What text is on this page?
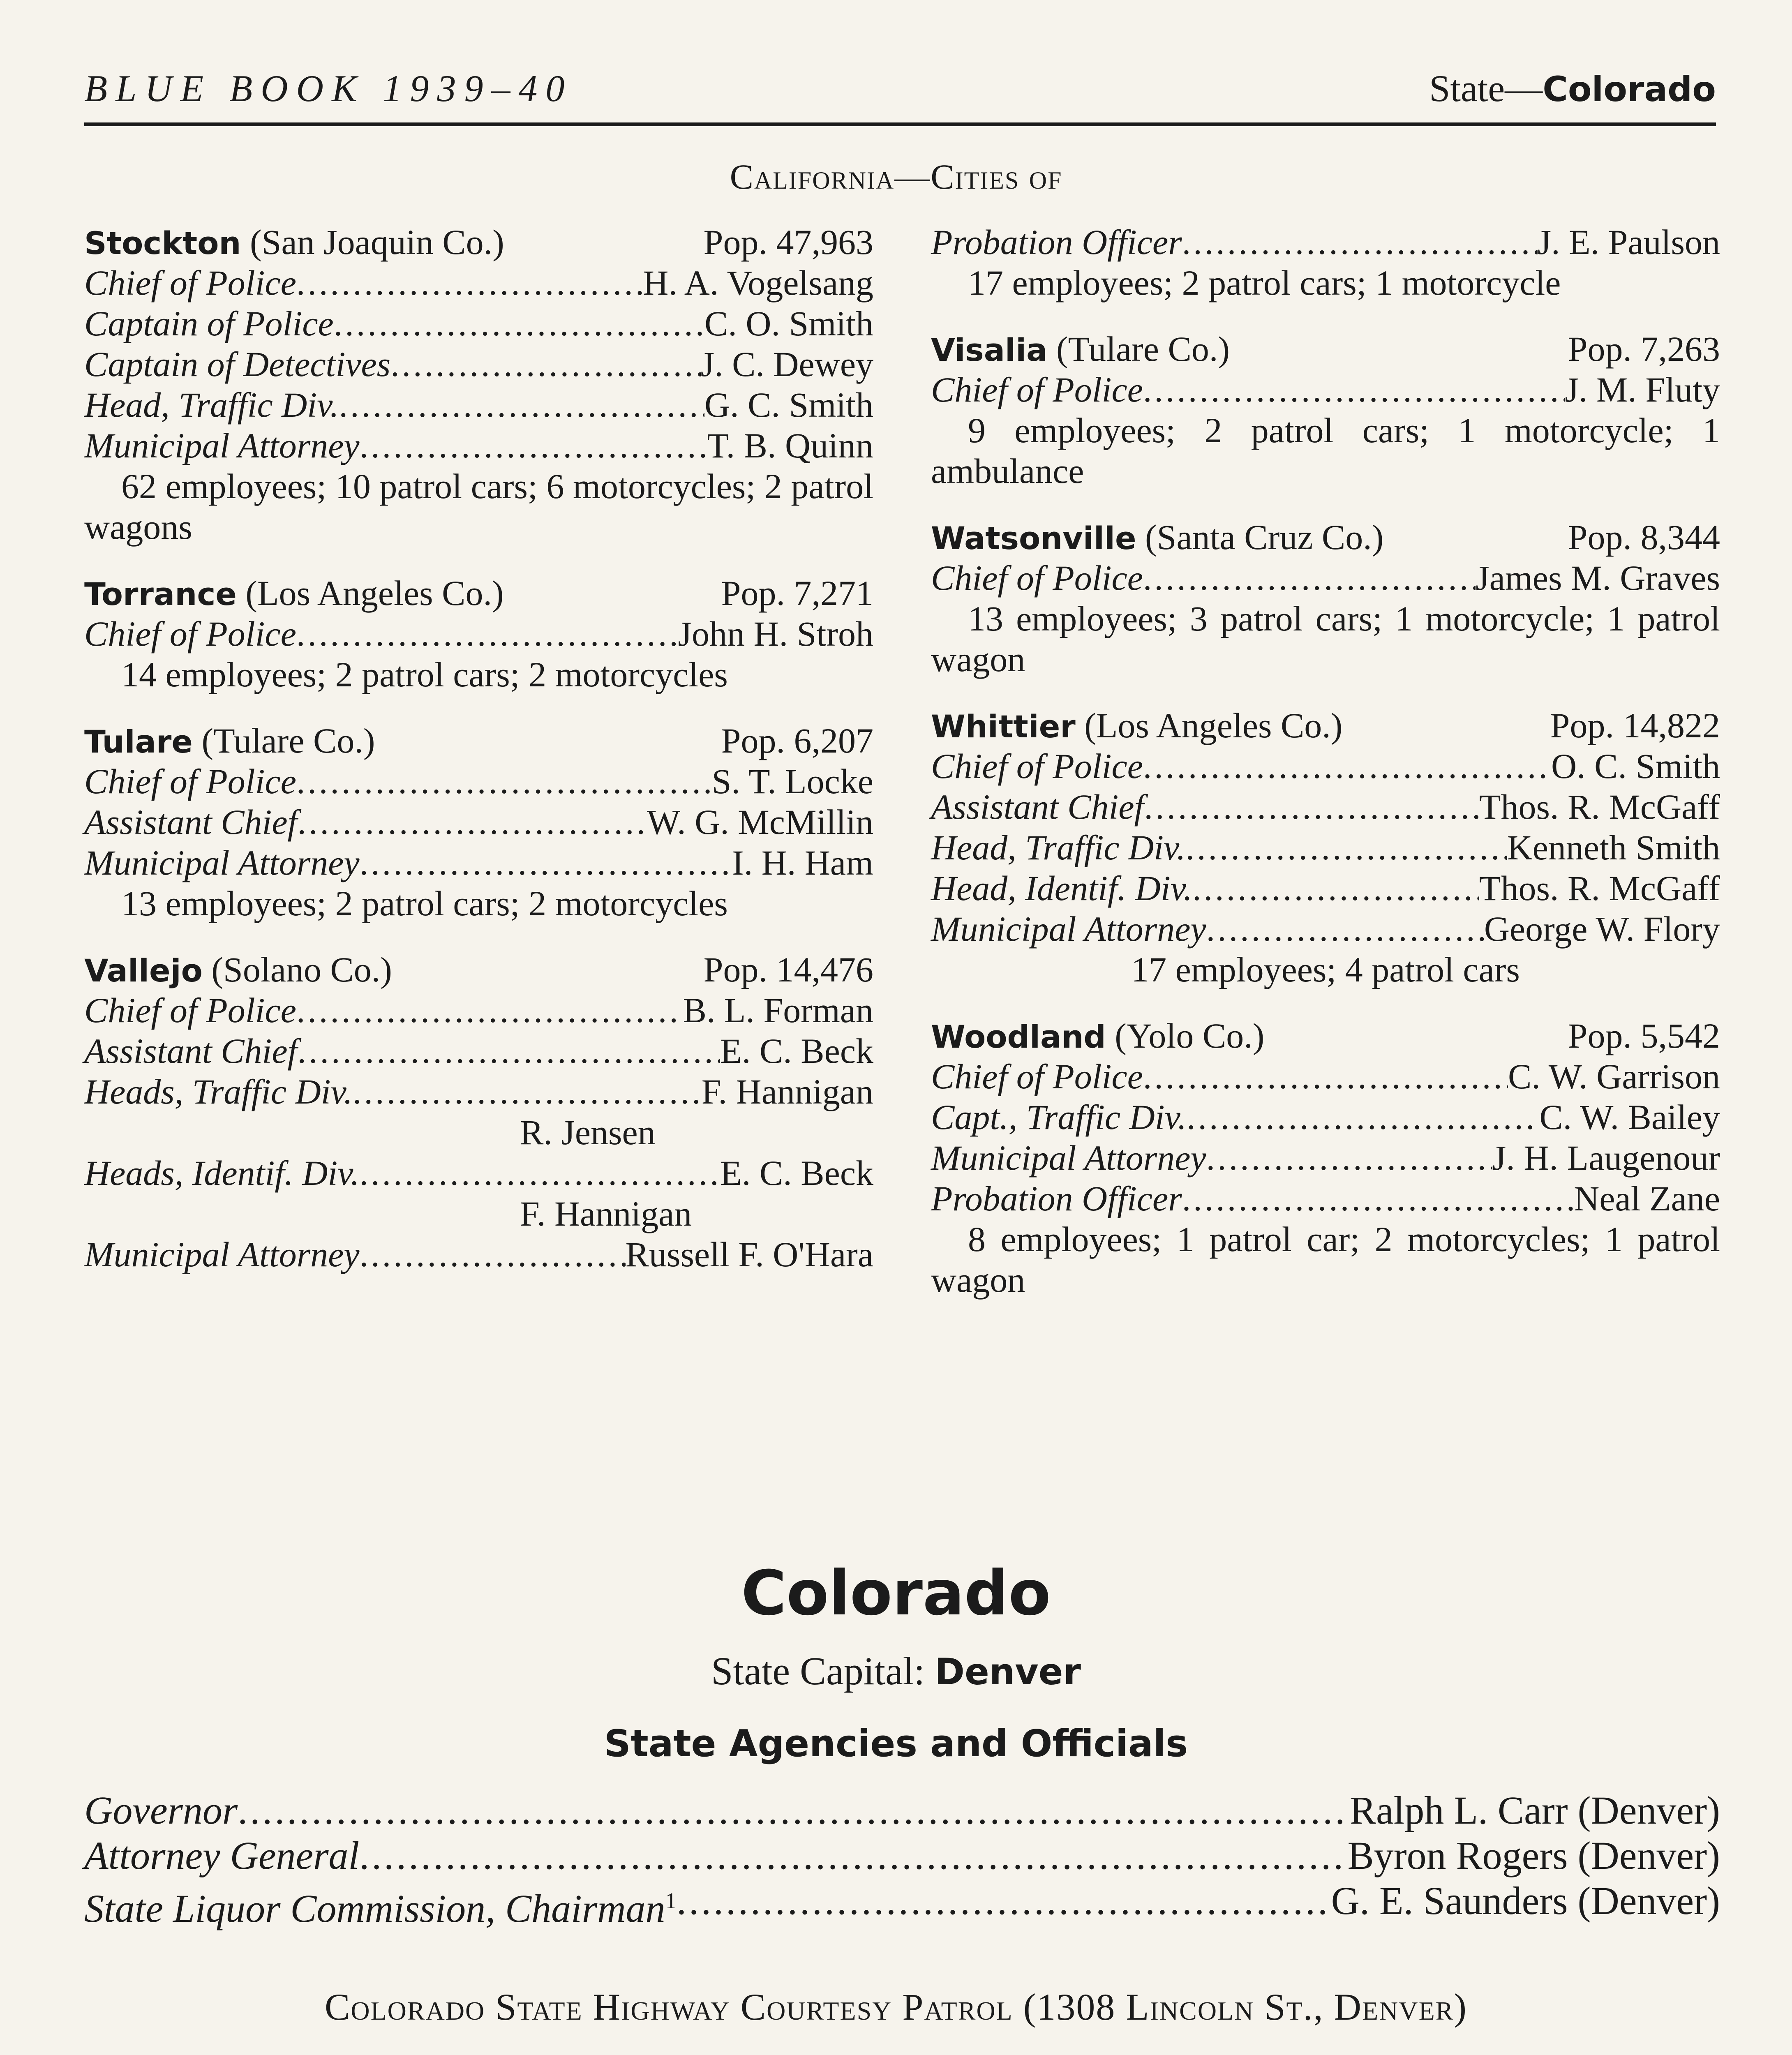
BLUE BOOK 1939–40	State—Colorado
California—Cities of
Stockton (San Joaquin Co.)	Pop. 47,963
Chief of Police .....	H. A. Vogelsang
Captain of Police .....	C. O. Smith
Captain of Detectives .....	J. C. Dewey
Head, Traffic Div. .....	G. C. Smith
Municipal Attorney .....	T. B. Quinn
62 employees; 10 patrol cars; 6 motorcycles; 2 patrol wagons
Torrance (Los Angeles Co.)	Pop. 7,271
Chief of Police .....	John H. Stroh
14 employees; 2 patrol cars; 2 motorcycles
Tulare (Tulare Co.)	Pop. 6,207
Chief of Police .....	S. T. Locke
Assistant Chief .....	W. G. McMillin
Municipal Attorney .....	I. H. Ham
13 employees; 2 patrol cars; 2 motorcycles
Vallejo (Solano Co.)	Pop. 14,476
Chief of Police .....	B. L. Forman
Assistant Chief .....	E. C. Beck
Heads, Traffic Div. .....	F. Hannigan
R. Jensen
Heads, Identif. Div. .....	E. C. Beck
F. Hannigan
Municipal Attorney .....	Russell F. O'Hara
Probation Officer .....	J. E. Paulson
17 employees; 2 patrol cars; 1 motorcycle
Visalia (Tulare Co.)	Pop. 7,263
Chief of Police .....	J. M. Fluty
9 employees; 2 patrol cars; 1 motorcycle; 1 ambulance
Watsonville (Santa Cruz Co.)	Pop. 8,344
Chief of Police .....	James M. Graves
13 employees; 3 patrol cars; 1 motorcycle; 1 patrol wagon
Whittier (Los Angeles Co.)	Pop. 14,822
Chief of Police .....	O. C. Smith
Assistant Chief .....	Thos. R. McGaff
Head, Traffic Div. .....	Kenneth Smith
Head, Identif. Div. .....	Thos. R. McGaff
Municipal Attorney .....	George W. Flory
17 employees; 4 patrol cars
Woodland (Yolo Co.)	Pop. 5,542
Chief of Police .....	C. W. Garrison
Capt., Traffic Div. .....	C. W. Bailey
Municipal Attorney .....	J. H. Laugenour
Probation Officer .....	Neal Zane
8 employees; 1 patrol car; 2 motorcycles; 1 patrol wagon
Colorado
State Capital: Denver
State Agencies and Officials
Governor .....	Ralph L. Carr (Denver)
Attorney General .....	Byron Rogers (Denver)
State Liquor Commission, Chairman$^1$ .....	G. E. Saunders (Denver)
Colorado State Highway Courtesy Patrol (1308 Lincoln St., Denver)
